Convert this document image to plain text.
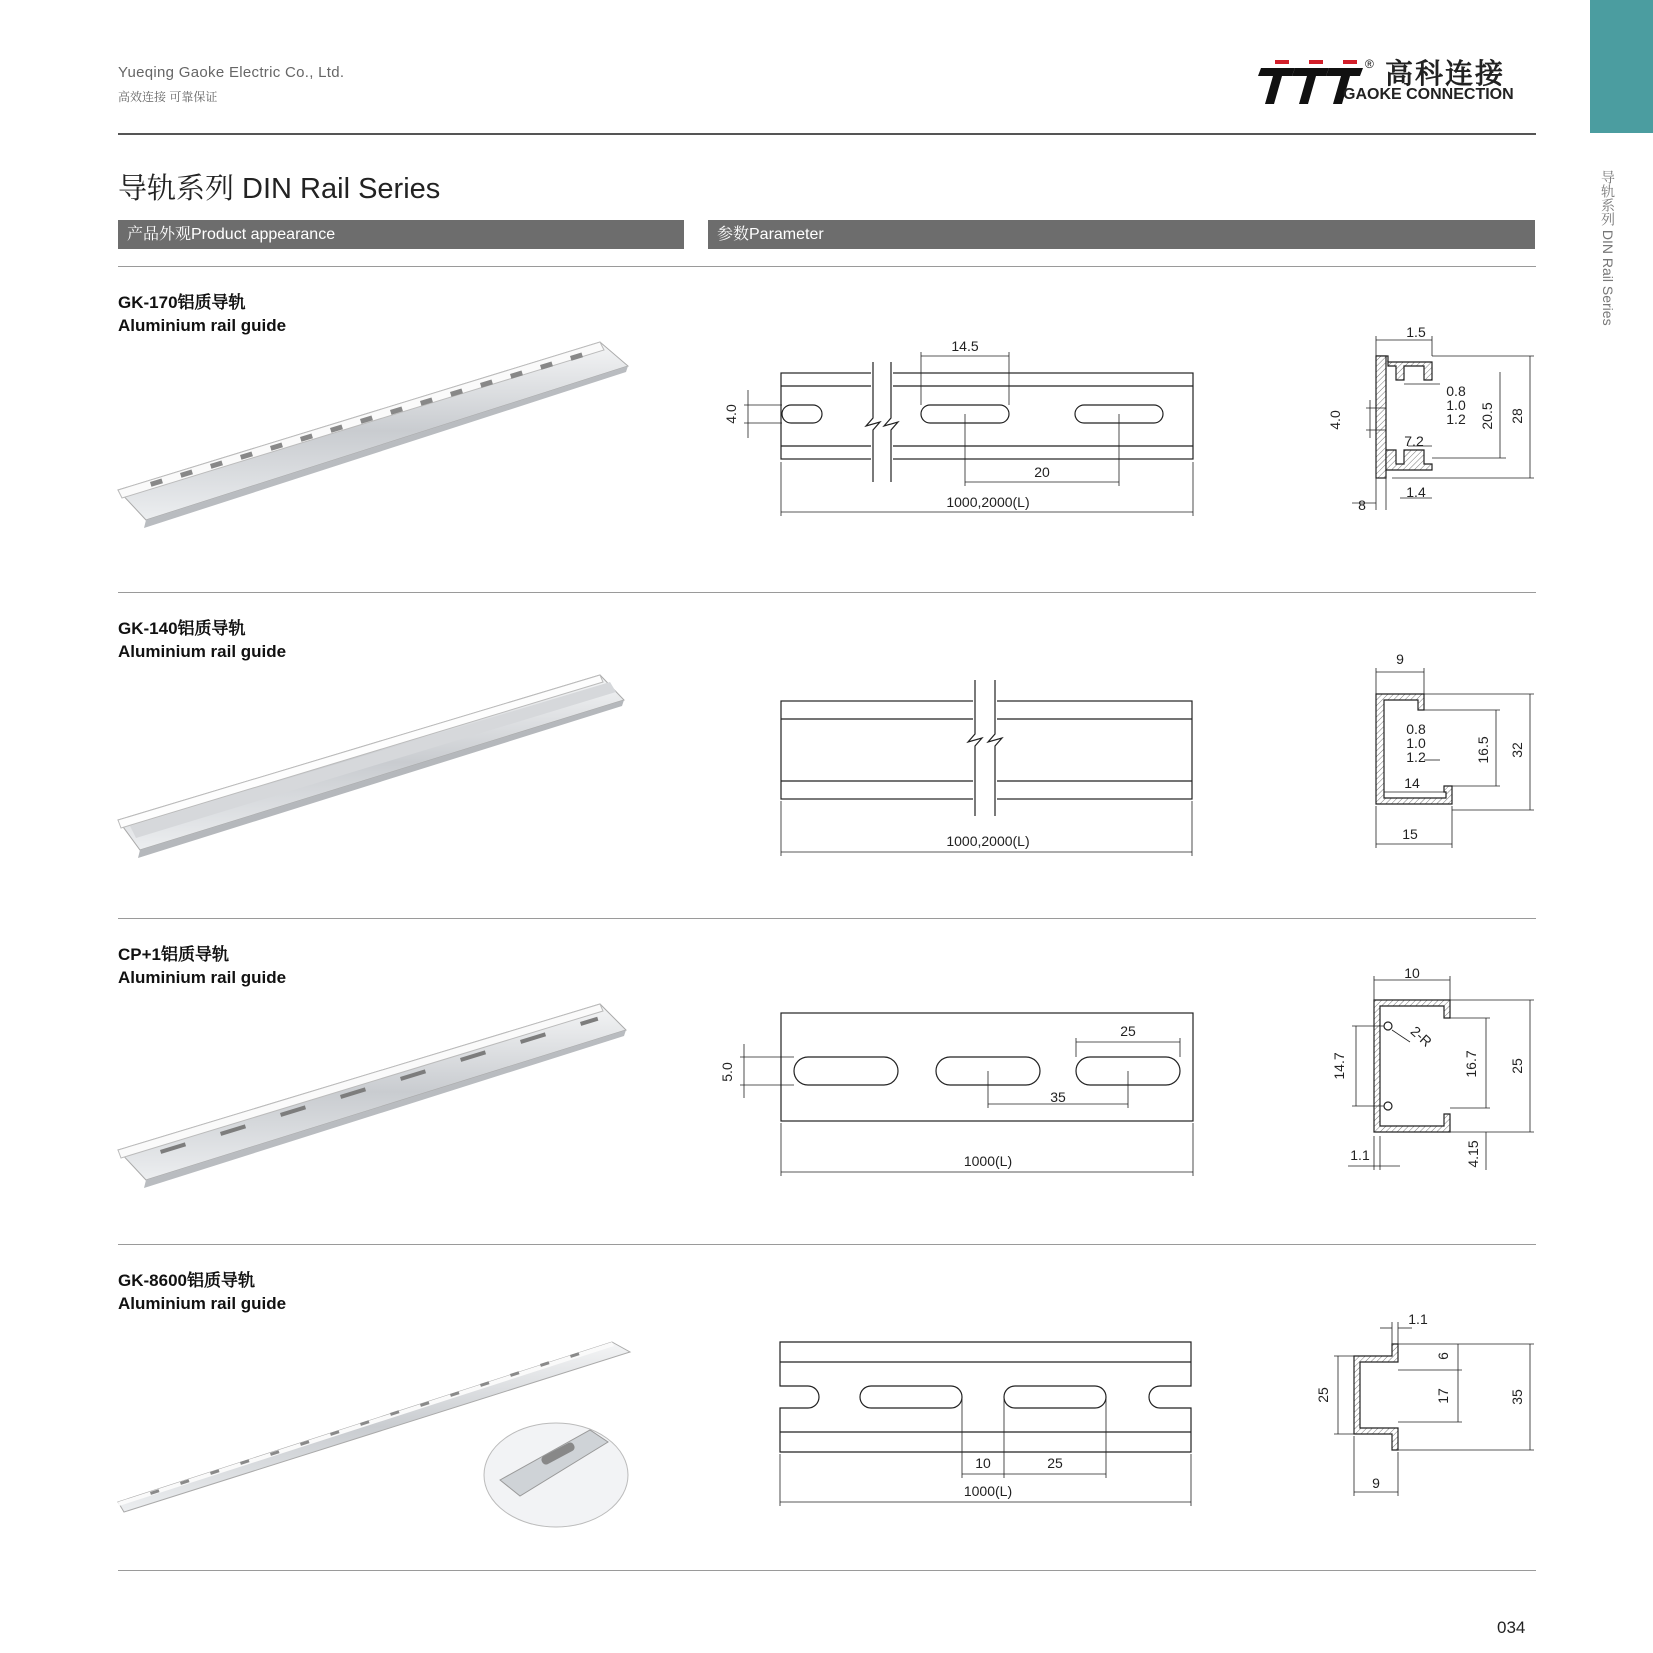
Yueqing Gaoke Electric Co., Ltd.
高效连接 可靠保证
® 高科连接
GAOKE CONNECTION
导轨系列 DIN Rail Series
导轨系列 DIN Rail Series
产品外观Product appearance	参数Parameter
GK-170铝质导轨
Aluminium rail guide
GK-140铝质导轨
Aluminium rail guide
CP+1铝质导轨
Aluminium rail guide
GK-8600铝质导轨
Aluminium rail guide
14.5
4.0
20
1000,2000(L)
1.5
0.8
1.0
1.2
4.0
7.2
20.5 28
1.4
8
1000,2000(L)
9
0.8
1.0
1.2
14
16.5 32
15
25
5.0
35
1000(L)
10
2-R
14.7	16.7 25
1.1	4.15
10	25
1000(L)
1.1
6
17	35
25
9
034
